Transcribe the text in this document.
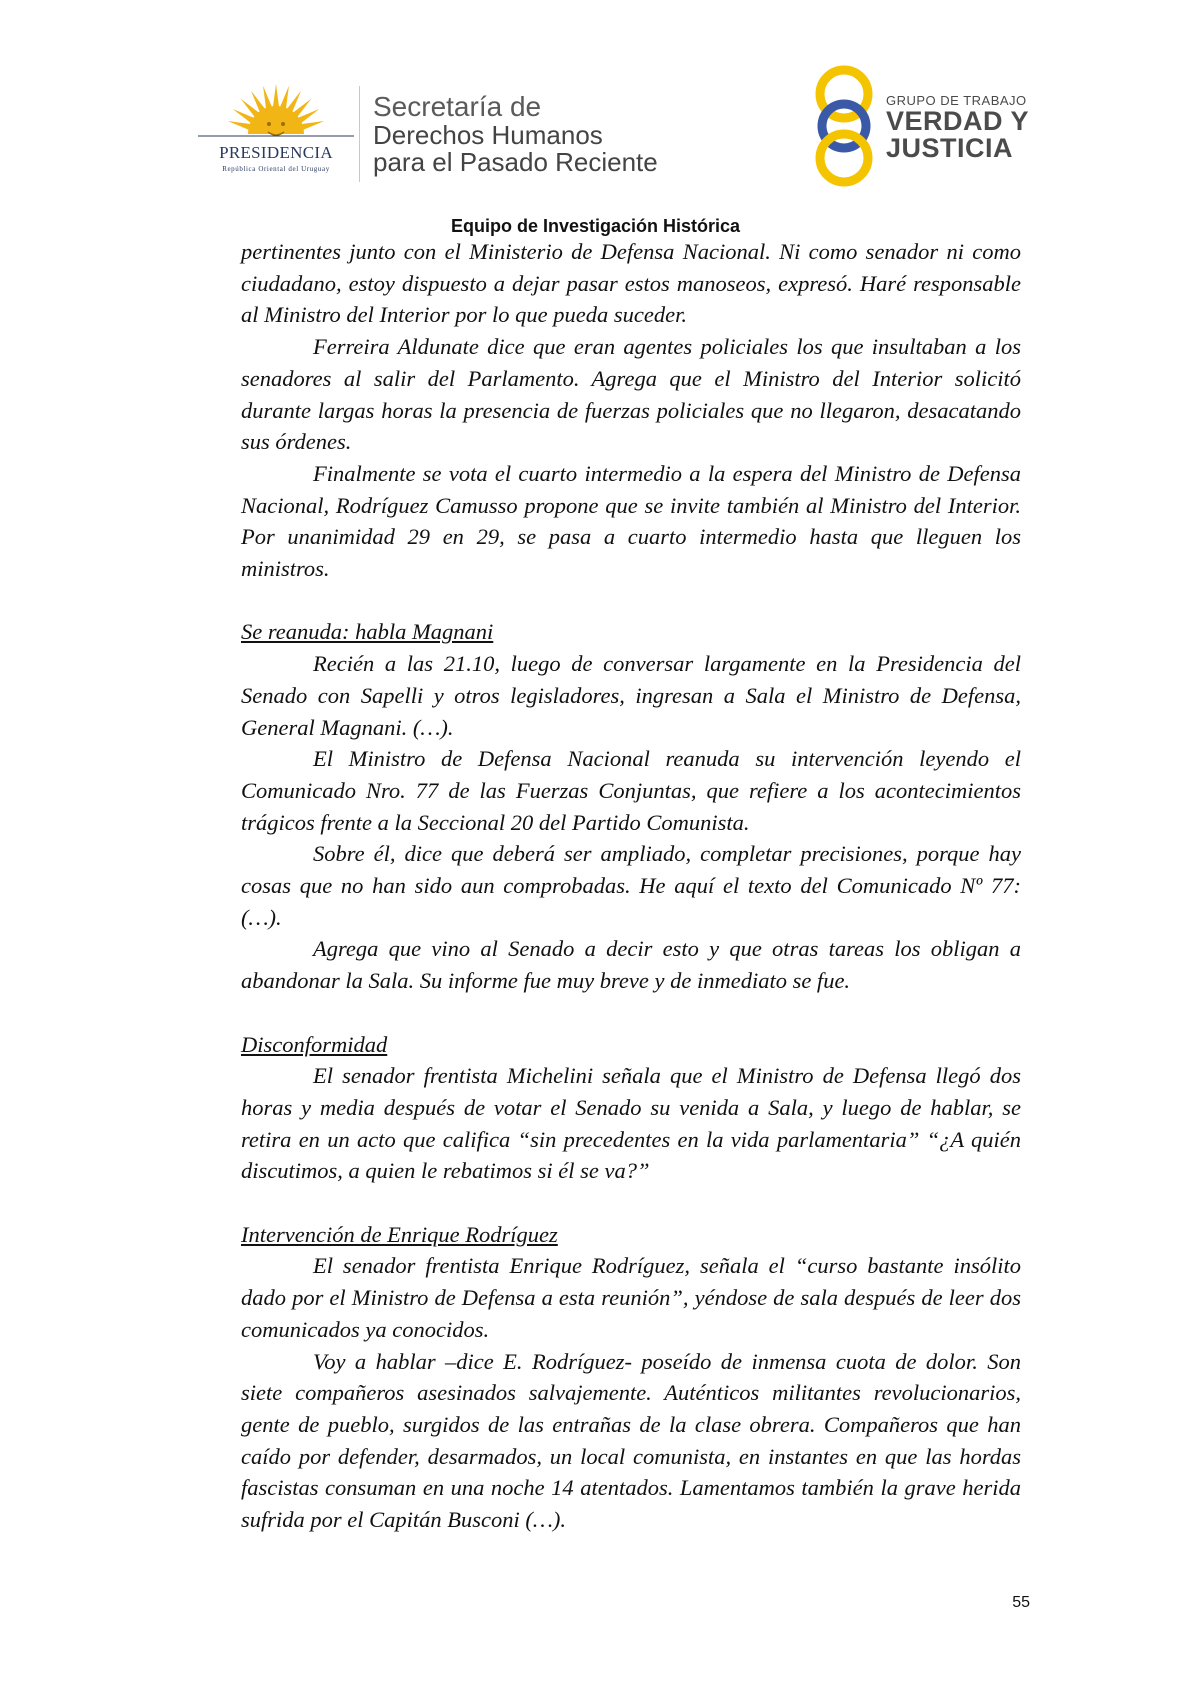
PRESIDENCIA
República Oriental del Uruguay
Secretaría de
Derechos Humanos
para el Pasado Reciente
GRUPO DE TRABAJO
VERDAD Y
JUSTICIA
Equipo de Investigación Histórica

pertinentes junto con el Ministerio de Defensa Nacional. Ni como senador ni como ciudadano, estoy dispuesto a dejar pasar estos manoseos, expresó. Haré responsable al Ministro del Interior por lo que pueda suceder.

Ferreira Aldunate dice que eran agentes policiales los que insultaban a los senadores al salir del Parlamento. Agrega que el Ministro del Interior solicitó durante largas horas la presencia de fuerzas policiales que no llegaron, desacatando sus órdenes.

Finalmente se vota el cuarto intermedio a la espera del Ministro de Defensa Nacional, Rodríguez Camusso propone que se invite también al Ministro del Interior. Por unanimidad 29 en 29, se pasa a cuarto intermedio hasta que lleguen los ministros.

Se reanuda: habla Magnani

Recién a las 21.10, luego de conversar largamente en la Presidencia del Senado con Sapelli y otros legisladores, ingresan a Sala el Ministro de Defensa, General Magnani. (…).

El Ministro de Defensa Nacional reanuda su intervención leyendo el Comunicado Nro. 77 de las Fuerzas Conjuntas, que refiere a los acontecimientos trágicos frente a la Seccional 20 del Partido Comunista.

Sobre él, dice que deberá ser ampliado, completar precisiones, porque hay cosas que no han sido aun comprobadas. He aquí el texto del Comunicado Nº 77: (…).

Agrega que vino al Senado a decir esto y que otras tareas los obligan a abandonar la Sala. Su informe fue muy breve y de inmediato se fue.

Disconformidad

El senador frentista Michelini señala que el Ministro de Defensa llegó dos horas y media después de votar el Senado su venida a Sala, y luego de hablar, se retira en un acto que califica “sin precedentes en la vida parlamentaria” “¿A quién discutimos, a quien le rebatimos si él se va?”

Intervención de Enrique Rodríguez

El senador frentista Enrique Rodríguez, señala el “curso bastante insólito dado por el Ministro de Defensa a esta reunión”, yéndose de sala después de leer dos comunicados ya conocidos.

Voy a hablar –dice E. Rodríguez- poseído de inmensa cuota de dolor. Son siete compañeros asesinados salvajemente. Auténticos militantes revolucionarios, gente de pueblo, surgidos de las entrañas de la clase obrera. Compañeros que han caído por defender, desarmados, un local comunista, en instantes en que las hordas fascistas consuman en una noche 14 atentados. Lamentamos también la grave herida sufrida por el Capitán Busconi (…).

55
